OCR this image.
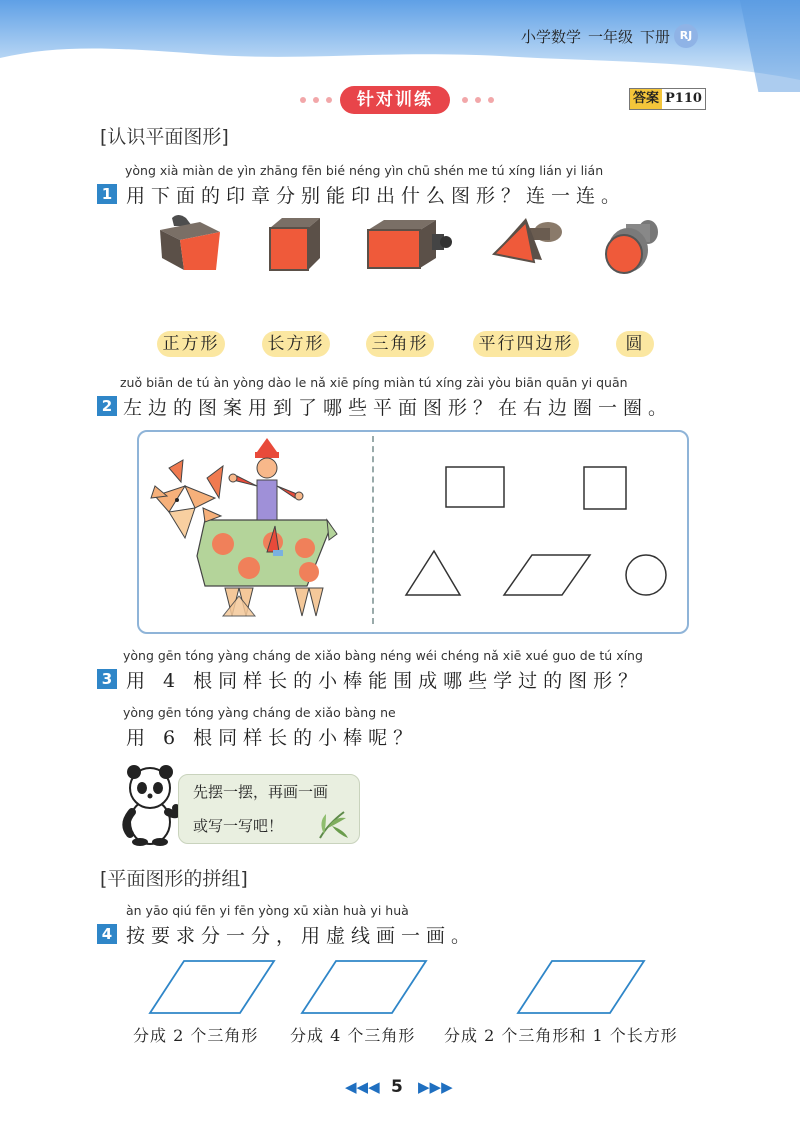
小学数学 一年级 下册 RJ
针对训练	答案 P110
[认识平面图形]
yòng xià miàn de yìn zhāng fēn bié néng yìn chū shén me tú xíng lián yi lián
1 用下面的印章分别能印出什么图形？连一连。
正方形	长方形	三角形	平行四边形	圆
zuǒ biān de tú àn yòng dào le nǎ xiē píng miàn tú xíng zài yòu biān quān yi quān
2 左边的图案用到了哪些平面图形？在右边圈一圈。
yòng gēn tóng yàng cháng de xiǎo bàng néng wéi chéng nǎ xiē xué guo de tú xíng
3 用 4 根同样长的小棒能围成哪些学过的图形？
yòng gēn tóng yàng cháng de xiǎo bàng ne
用 6 根同样长的小棒呢？
先摆一摆，再画一画
或写一写吧！
[平面图形的拼组]
àn yāo qiú fēn yi fēn yòng xū xiàn huà yi huà
4 按要求分一分，用虚线画一画。
分成 2 个三角形 分成 4 个三角形 分成 2 个三角形和 1 个长方形
◀◀◀ 5 ▶▶▶
